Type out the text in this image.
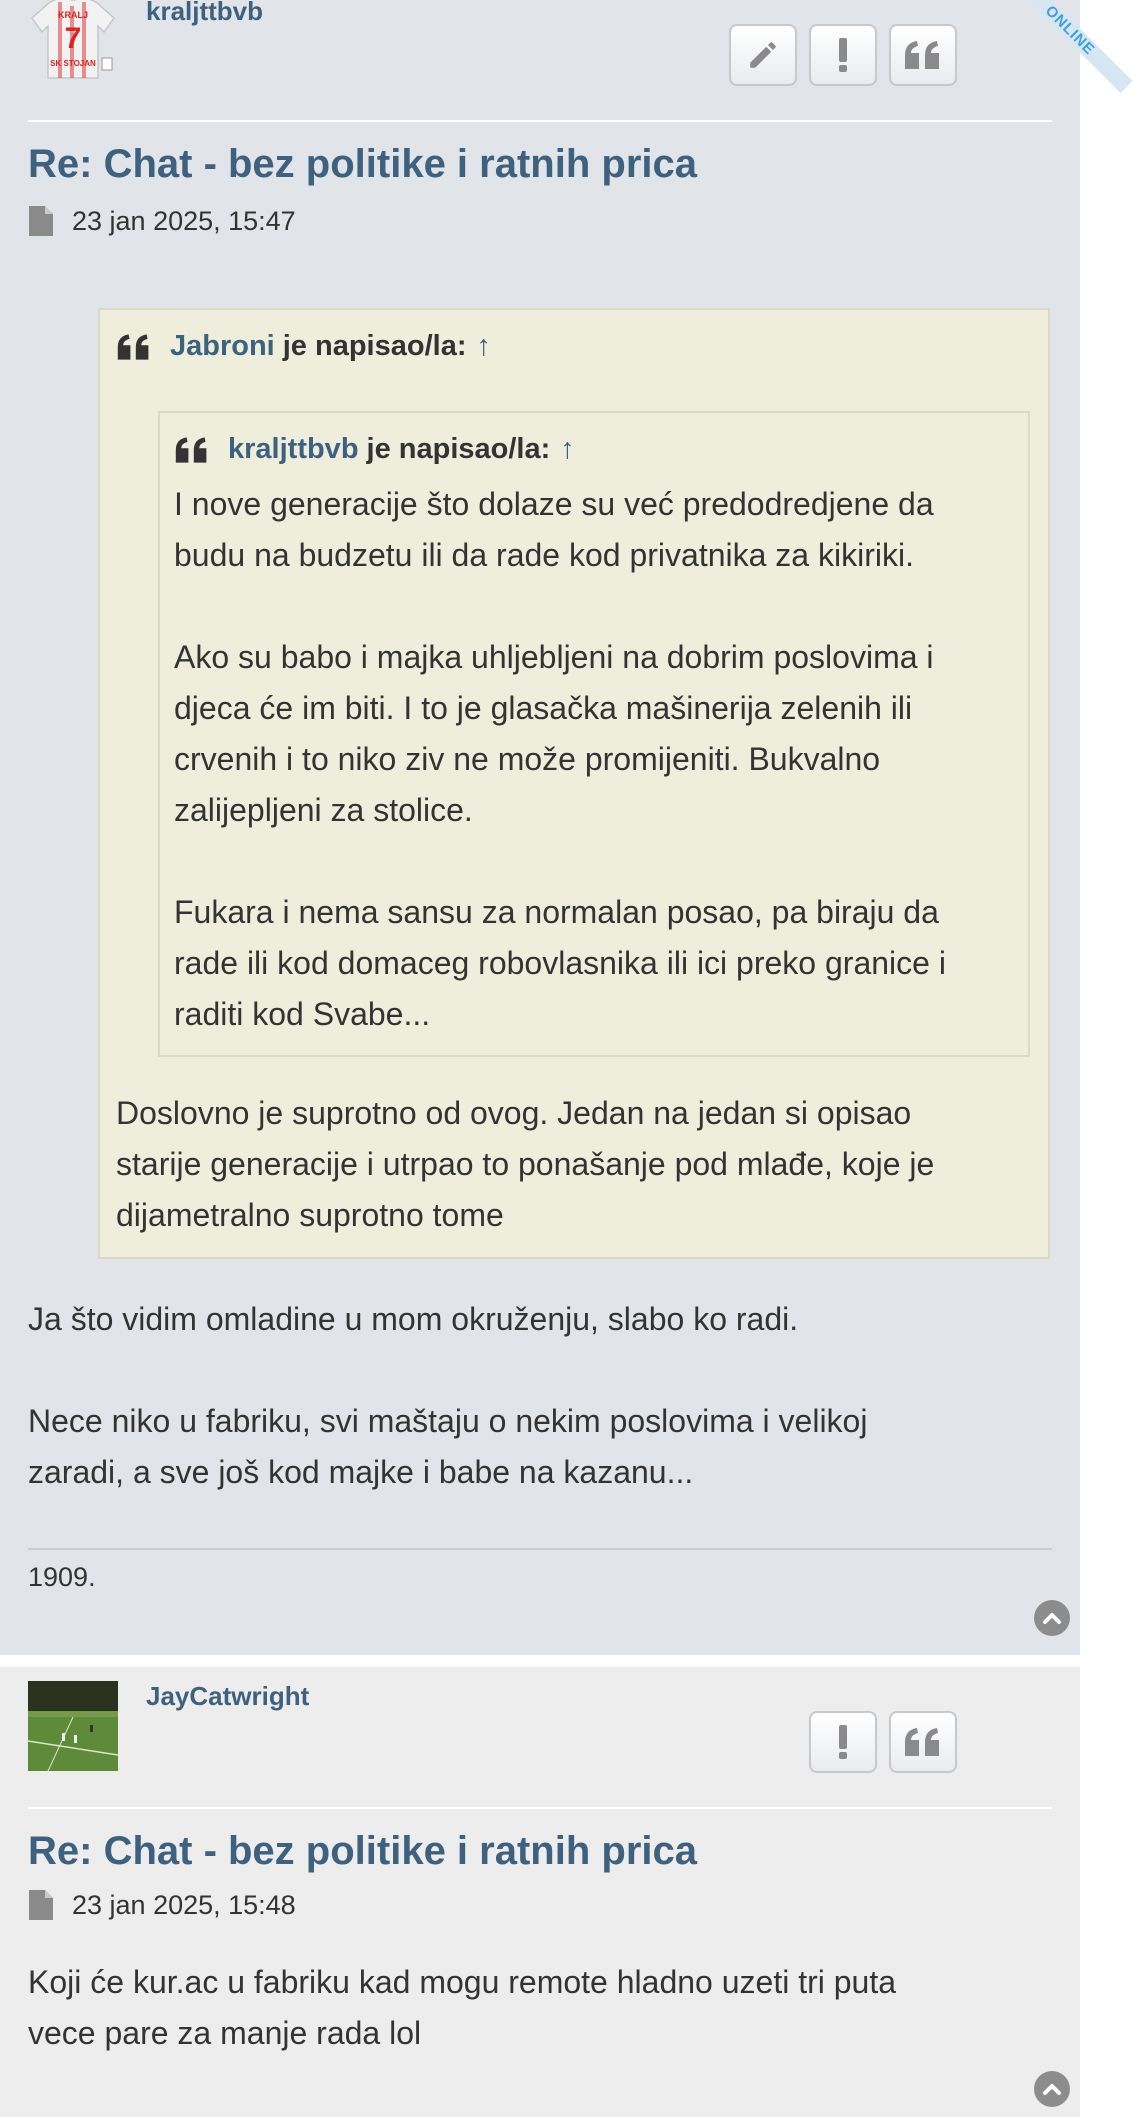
ONLINE
KRALJ
7
SK STOJAN
kraljttbvb
Re: Chat - bez politike i ratnih prica
23 jan 2025, 15:47
Jabroni je napisao/la: ↑
kraljttbvb je napisao/la: ↑
I nove generacije što dolaze su već predodredjene da
budu na budzetu ili da rade kod privatnika za kikiriki.
Ako su babo i majka uhljebljeni na dobrim poslovima i
djeca će im biti. I to je glasačka mašinerija zelenih ili
crvenih i to niko ziv ne može promijeniti. Bukvalno
zalijepljeni za stolice.
Fukara i nema sansu za normalan posao, pa biraju da
rade ili kod domaceg robovlasnika ili ici preko granice i
raditi kod Svabe...
Doslovno je suprotno od ovog. Jedan na jedan si opisao
starije generacije i utrpao to ponašanje pod mlađe, koje je
dijametralno suprotno tome
Ja što vidim omladine u mom okruženju, slabo ko radi.
Nece niko u fabriku, svi maštaju o nekim poslovima i velikoj
zaradi, a sve još kod majke i babe na kazanu...
1909.
JayCatwright
Re: Chat - bez politike i ratnih prica
23 jan 2025, 15:48
Koji će kur.ac u fabriku kad mogu remote hladno uzeti tri puta
vece pare za manje rada lol
